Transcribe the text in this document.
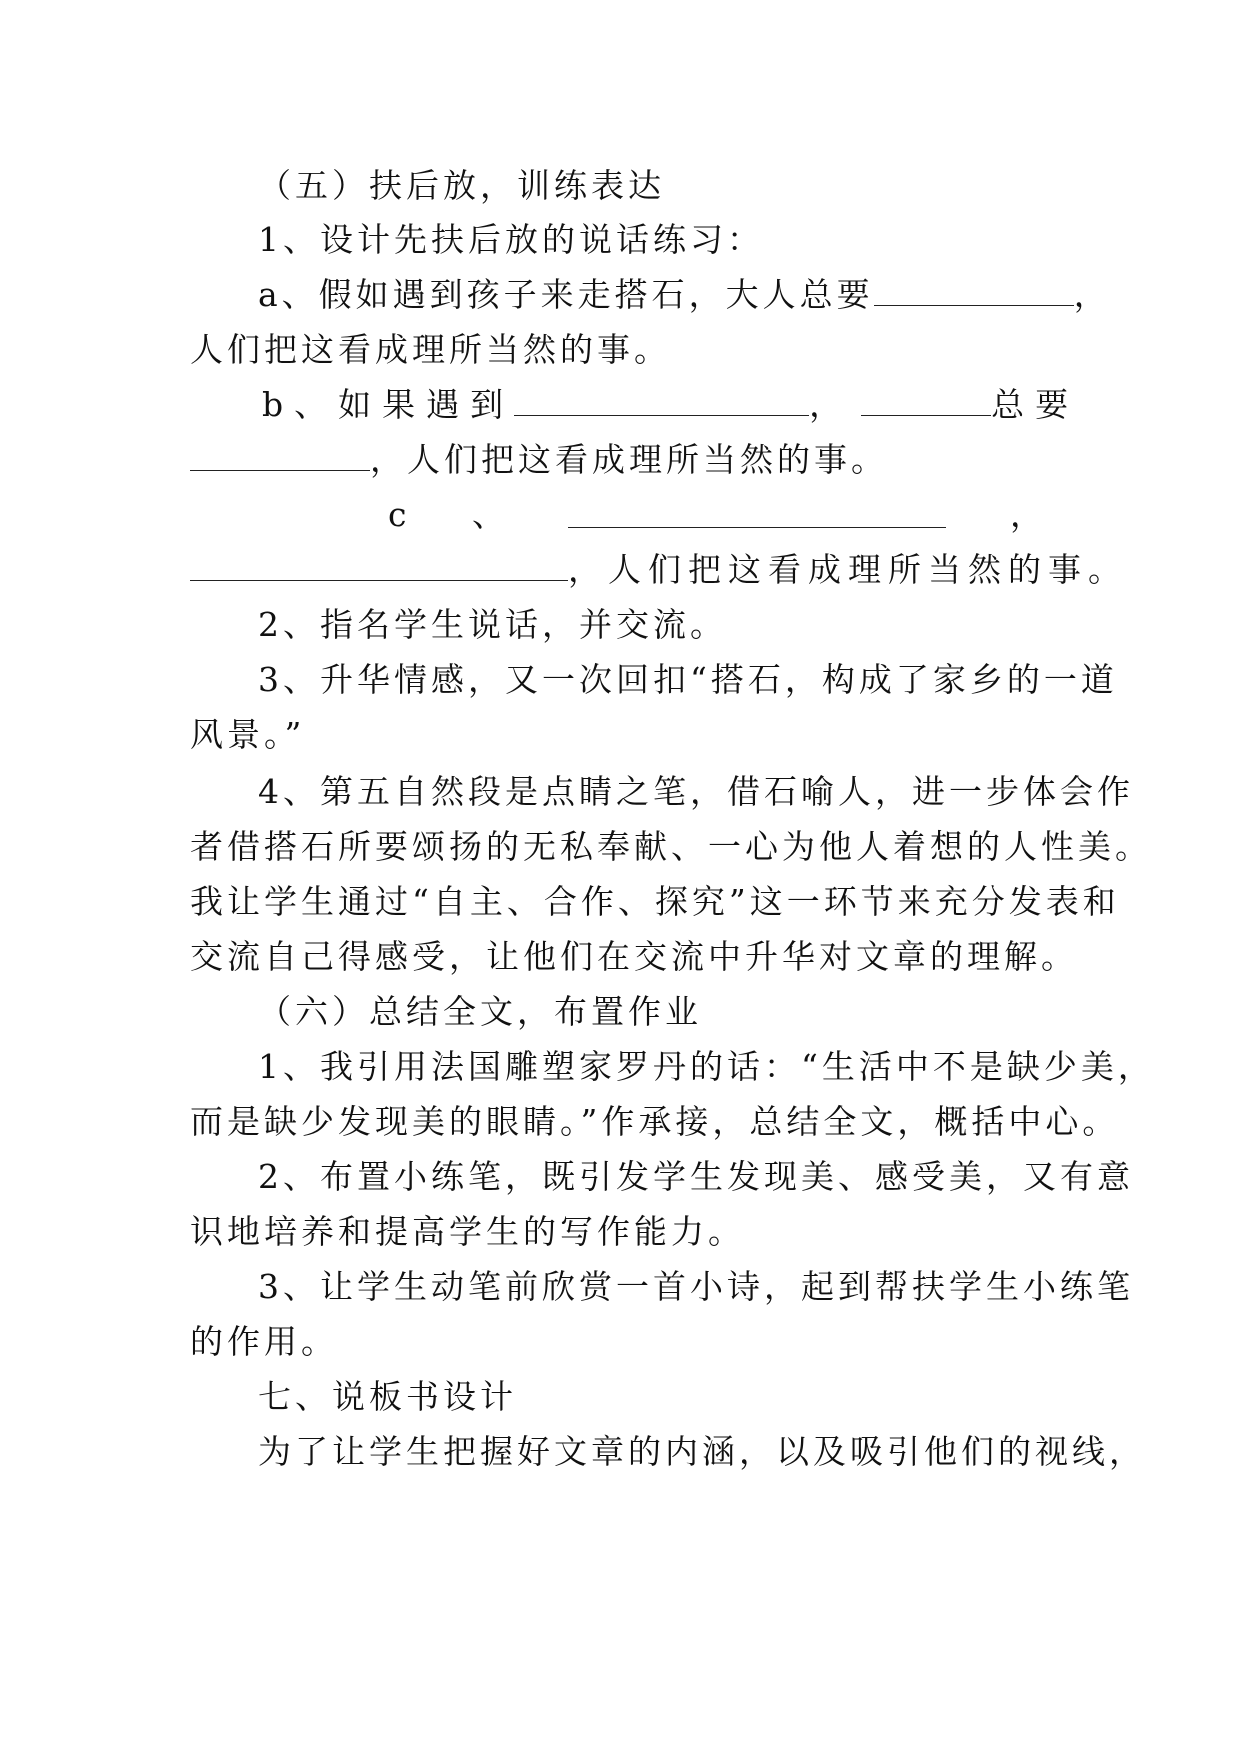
（五）扶后放，训练表达
1、设计先扶后放的说话练习：
a、假如遇到孩子来走搭石，大人总要	，
人们把这看成理所当然的事。
b、如果遇到	，	总要
，人们把这看成理所当然的事。
c 、	，
，人们把这看成理所当然的事。
2、指名学生说话，并交流。
3、升华情感，又一次回扣“搭石，构成了家乡的一道
风景。”
4、第五自然段是点睛之笔，借石喻人，进一步体会作
者借搭石所要颂扬的无私奉献、一心为他人着想的人性美。
我让学生通过“自主、合作、探究”这一环节来充分发表和
交流自己得感受，让他们在交流中升华对文章的理解。
（六）总结全文，布置作业
1、我引用法国雕塑家罗丹的话：“生活中不是缺少美，
而是缺少发现美的眼睛。”作承接，总结全文，概括中心。
2、布置小练笔，既引发学生发现美、感受美，又有意
识地培养和提高学生的写作能力。
3、让学生动笔前欣赏一首小诗，起到帮扶学生小练笔
的作用。
七、说板书设计
为了让学生把握好文章的内涵，以及吸引他们的视线，
